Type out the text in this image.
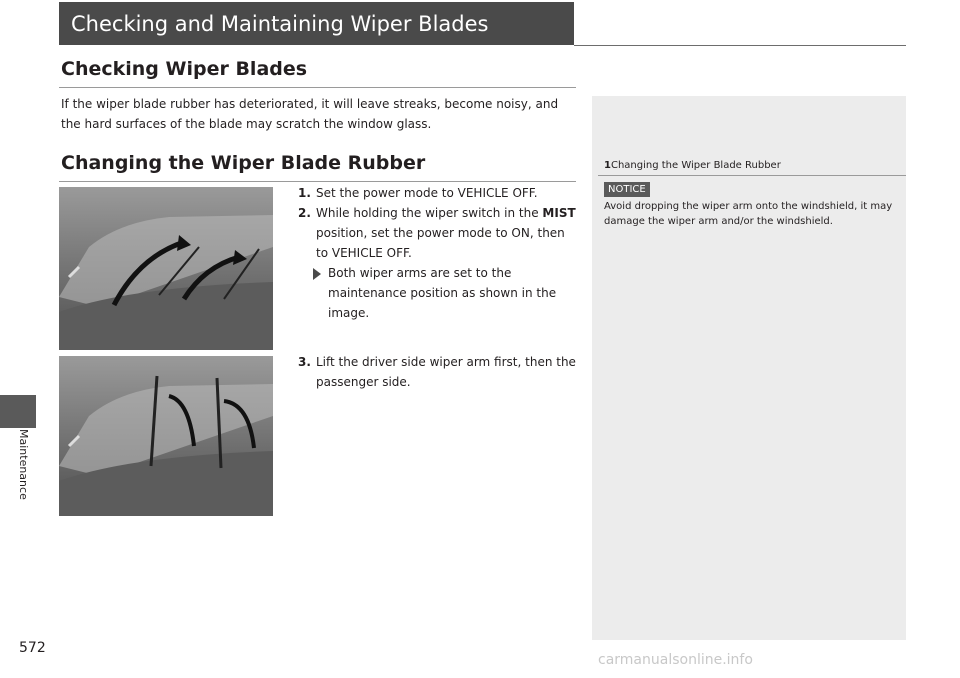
Checking and Maintaining Wiper Blades
Maintenance
Checking Wiper Blades

If the wiper blade rubber has deteriorated, it will leave streaks, become noisy, and the hard surfaces of the blade may scratch the window glass.

Changing the Wiper Blade Rubber
1. Set the power mode to VEHICLE OFF.
2. While holding the wiper switch in the MIST position, set the power mode to ON, then to VEHICLE OFF.
Both wiper arms are set to the maintenance position as shown in the image.
3. Lift the driver side wiper arm first, then the passenger side.
1Changing the Wiper Blade Rubber
NOTICE
Avoid dropping the wiper arm onto the windshield, it may damage the wiper arm and/or the windshield.
572
carmanualsonline.info
